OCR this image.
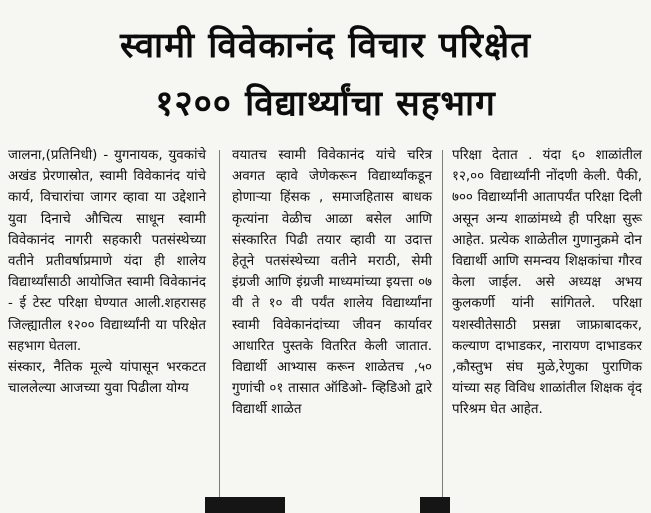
स्वामी विवेकानंद विचार परिक्षेत
१२०० विद्यार्थ्यांचा सहभाग

जालना,(प्रतिनिधी) - युगनायक, युवकांचे अखंड प्रेरणास्रोत, स्वामी विवेकानंद यांचे कार्य, विचारांचा जागर व्हावा या उद्देशाने युवा दिनाचे औचित्य साधून स्वामी विवेकानंद नागरी सहकारी पतसंस्थेच्या वतीने प्रतीवर्षाप्रमाणे यंदा ही शालेय विद्यार्थ्यांसाठी आयोजित स्वामी विवेकानंद - ई टेस्ट परिक्षा घेण्यात आली.शहरासह जिल्ह्यातील १२०० विद्यार्थ्यांनी या परिक्षेत सहभाग घेतला.

संस्कार, नैतिक मूल्ये यांपासून भरकटत चाललेल्या आजच्या युवा पिढीला योग्य

वयातच स्वामी विवेकानंद यांचे चरित्र अवगत व्हावे जेणेकरून विद्यार्थ्यांकडून होणाऱ्या हिंसक , समाजहितास बाधक कृत्यांना वेळीच आळा बसेल आणि संस्कारित पिढी तयार व्हावी या उदात्त हेतूने पतसंस्थेच्या वतीने मराठी, सेमी इंग्रजी आणि इंग्रजी माध्यमांच्या इयत्ता ०७ वी ते १० वी पर्यंत शालेय विद्यार्थ्यांना स्वामी विवेकानंदांच्या जीवन कार्यावर आधारित पुस्तके वितरित केली जातात. विद्यार्थी आभ्यास करून शाळेतच ,५० गुणांची ०१ तासात ऑडिओ- व्हिडिओ द्वारे विद्यार्थी शाळेत

परिक्षा देतात . यंदा ६० शाळांतील १२,०० विद्यार्थ्यांनी नोंदणी केली. पैकी, ७०० विद्यार्थ्यांनी आतापर्यंत परिक्षा दिली असून अन्य शाळांमध्ये ही परिक्षा सुरू आहेत. प्रत्येक शाळेतील गुणानुक्रमे दोन विद्यार्थी आणि समन्वय शिक्षकांचा गौरव केला जाईल. असे अध्यक्ष अभय कुलकर्णी यांनी सांगितले. परिक्षा यशस्वीतेसाठी प्रसन्ना जाफ्राबादकर, कल्याण दाभाडकर, नारायण दाभाडकर ,कौस्तुभ संघ मुळे,रेणुका पुराणिक यांच्या सह विविध शाळांतील शिक्षक वृंद परिश्रम घेत आहेत.
